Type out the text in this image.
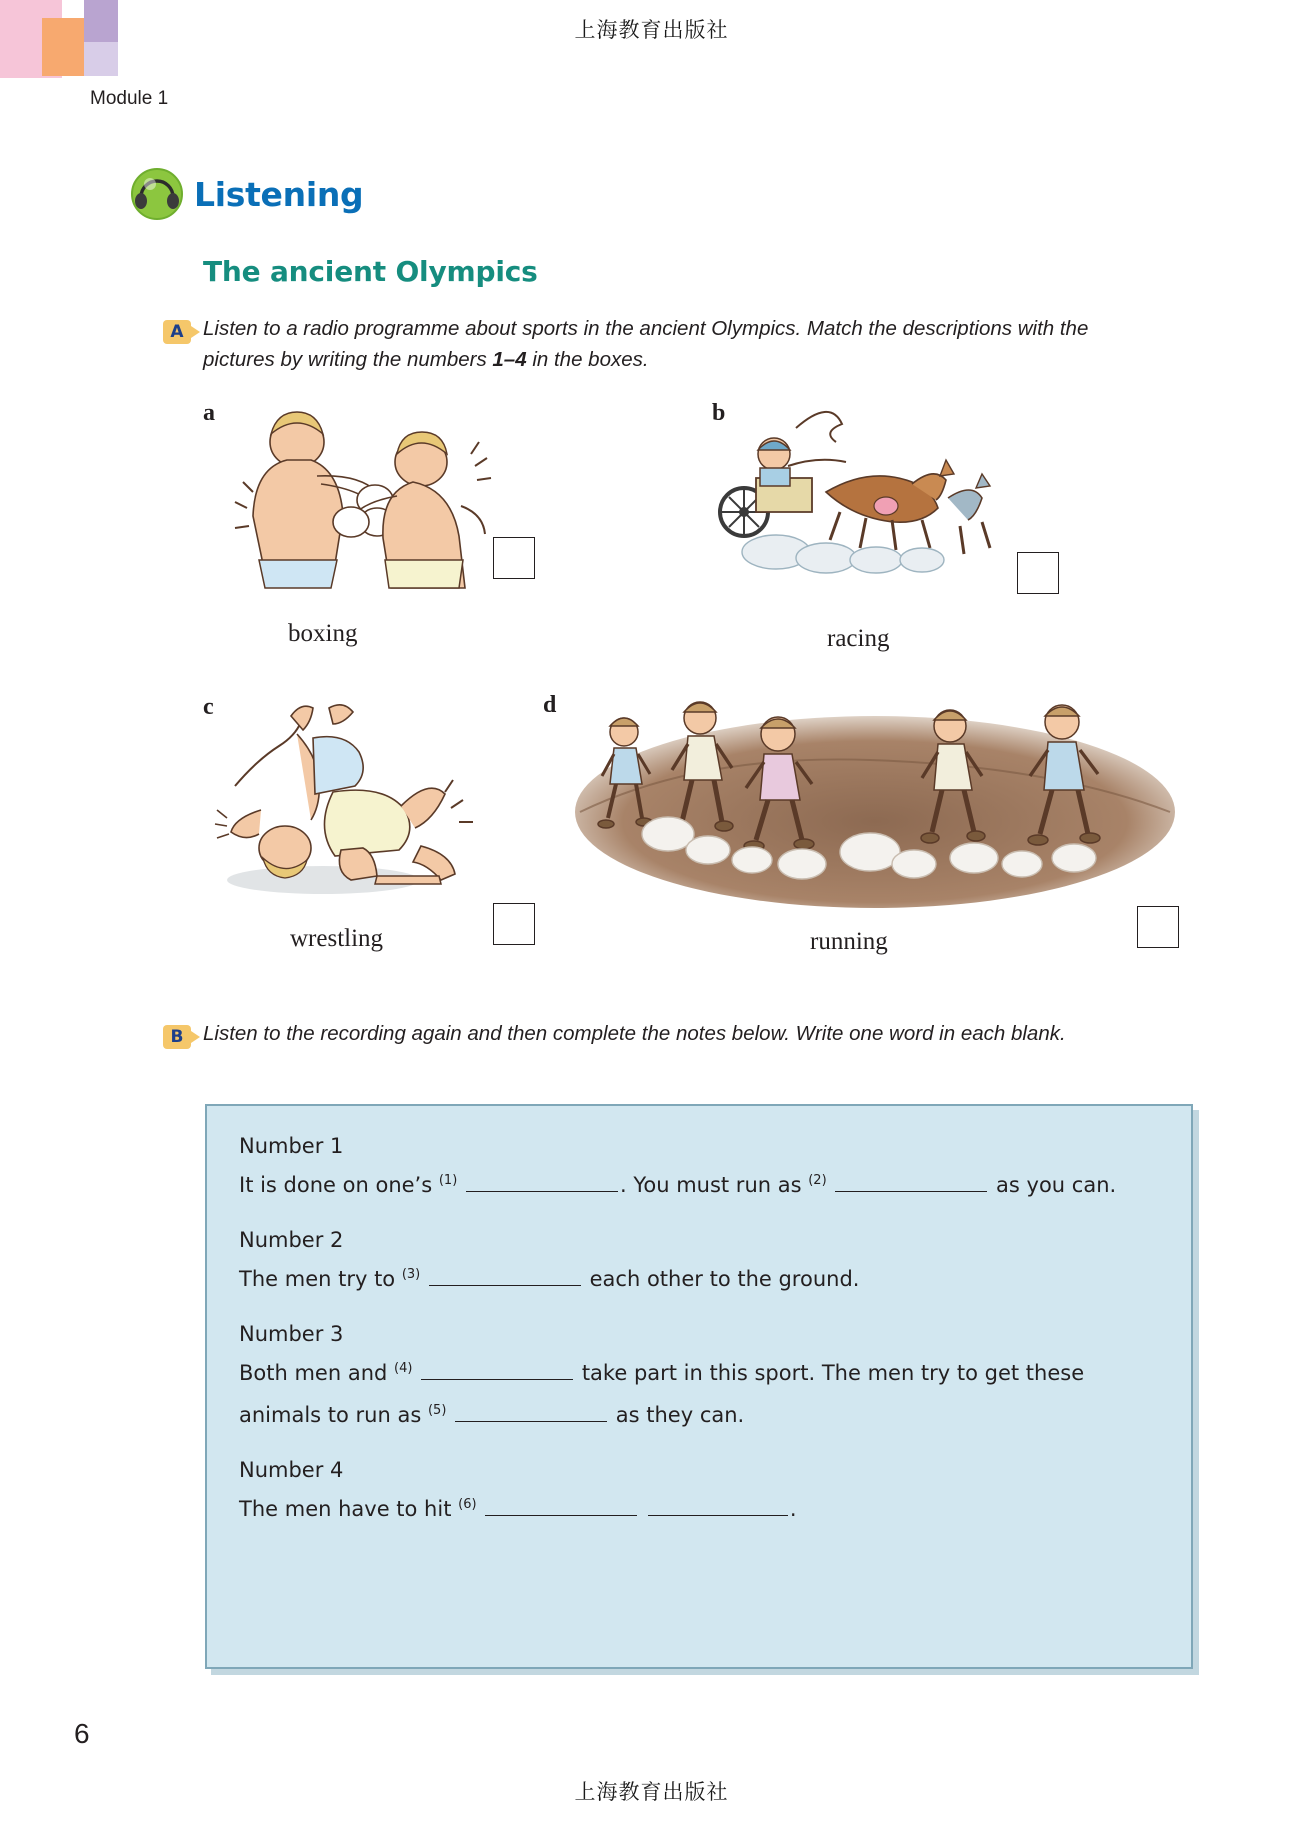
上海教育出版社
上海教育出版社
Module 1
6
Listening
The ancient Olympics
A Listen to a radio programme about sports in the ancient Olympics. Match the descriptions with the pictures by writing the numbers 1–4 in the boxes.
a
boxing
b
racing
c
wrestling
d
running
B Listen to the recording again and then complete the notes below. Write one word in each blank.

Number 1

It is done on one’s $^{(1)}$	. You must run as $^{(2)}$	as you can.

Number 2

The men try to $^{(3)}$	each other to the ground.

Number 3

Both men and $^{(4)}$	take part in this sport. The men try to get these

animals to run as $^{(5)}$	as they can.

Number 4

The men have to hit $^{(6)}$	.
